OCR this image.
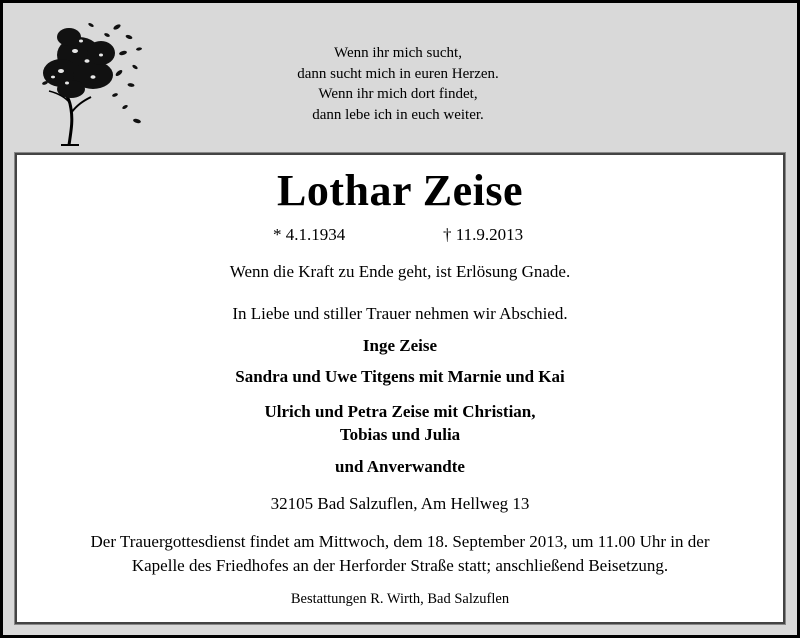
Wenn ihr mich sucht,
dann sucht mich in euren Herzen.
Wenn ihr mich dort findet,
dann lebe ich in euch weiter.
Lothar Zeise
* 4.1.1934	† 11.9.2013
Wenn die Kraft zu Ende geht, ist Erlösung Gnade.
In Liebe und stiller Trauer nehmen wir Abschied.
Inge Zeise
Sandra und Uwe Titgens mit Marnie und Kai
Ulrich und Petra Zeise mit Christian,
Tobias und Julia
und Anverwandte
32105 Bad Salzuflen, Am Hellweg 13
Der Trauergottesdienst findet am Mittwoch, dem 18. September 2013, um 11.00 Uhr in der
Kapelle des Friedhofes an der Herforder Straße statt; anschließend Beisetzung.
Bestattungen R. Wirth, Bad Salzuflen
